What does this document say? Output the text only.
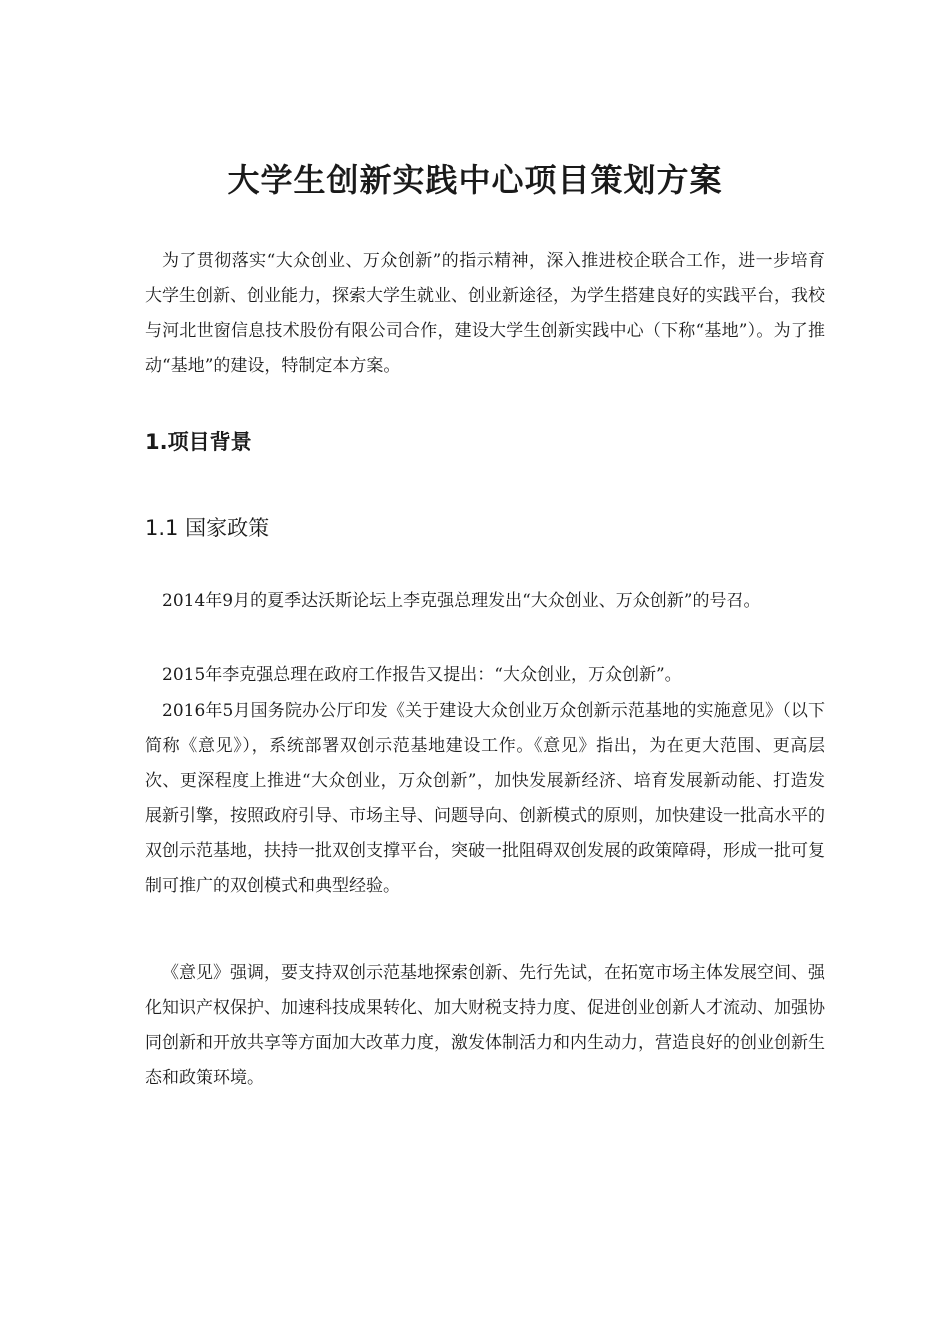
大学生创新实践中心项目策划方案

为了贯彻落实“大众创业、万众创新”的指示精神，深入推进校企联合工作，进一步培育大学生创新、创业能力，探索大学生就业、创业新途径，为学生搭建良好的实践平台，我校与河北世窗信息技术股份有限公司合作，建设大学生创新实践中心（下称“基地”）。为了推动“基地”的建设，特制定本方案。

1.项目背景
1.1 国家政策

2014年9月的夏季达沃斯论坛上李克强总理发出“大众创业、万众创新”的号召。

2015年李克强总理在政府工作报告又提出：“大众创业，万众创新”。

2016年5月国务院办公厅印发《关于建设大众创业万众创新示范基地的实施意见》（以下简称《意见》），系统部署双创示范基地建设工作。《意见》指出，为在更大范围、更高层次、更深程度上推进“大众创业，万众创新”，加快发展新经济、培育发展新动能、打造发展新引擎，按照政府引导、市场主导、问题导向、创新模式的原则，加快建设一批高水平的双创示范基地，扶持一批双创支撑平台，突破一批阻碍双创发展的政策障碍，形成一批可复制可推广的双创模式和典型经验。

《意见》强调，要支持双创示范基地探索创新、先行先试，在拓宽市场主体发展空间、强化知识产权保护、加速科技成果转化、加大财税支持力度、促进创业创新人才流动、加强协同创新和开放共享等方面加大改革力度，激发体制活力和内生动力，营造良好的创业创新生态和政策环境。
